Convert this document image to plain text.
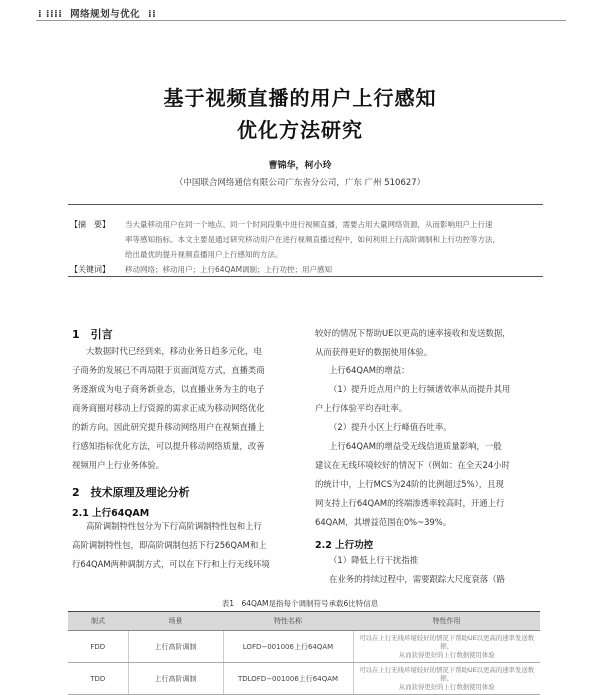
⁞ ⁞⁞⁞⁞ 网络规划与优化 ⁞⁞
基于视频直播的用户上行感知
优化方法研究
曹锦华，柯小玲
（中国联合网络通信有限公司广东省分公司，广东 广州 510627）
【摘　要】 当大量移动用户在同一个地点、同一个时间段集中进行视频直播，需要占用大量网络资源，从而影响用户上行速
率等感知指标。本文主要是通过研究移动用户在进行视频直播过程中，如何利用上行高阶调制和上行功控等方法，
给出最优的提升视频直播用户上行感知的方法。
【关键词】 移动网络；移动用户；上行64QAM调制；上行功控；用户感知
1　引言
大数据时代已经到来，移动业务日趋多元化，电
子商务的发展已不再局限于页面浏览方式，直播类商
务逐渐成为电子商务新业态，以直播业务为主的电子
商务商圈对移动上行资源的需求正成为移动网络优化
的新方向。因此研究提升移动网络用户在视频直播上
行感知指标优化方法，可以提升移动网络质量，改善
视频用户上行业务体验。
2　技术原理及理论分析
2.1 上行64QAM
高阶调制特性包分为下行高阶调制特性包和上行
高阶调制特性包，即高阶调制包括下行256QAM和上
行64QAM两种调制方式，可以在下行和上行无线环境
较好的情况下帮助UE以更高的速率接收和发送数据，
从而获得更好的数据使用体验。
上行64QAM的增益：
（1）提升近点用户的上行频谱效率从而提升其用
户上行体验平均吞吐率。
（2）提升小区上行峰值吞吐率。
上行64QAM的增益受无线信道质量影响，一般
建议在无线环境较好的情况下（例如：在全天24小时
的统计中，上行MCS为24阶的比例超过5%），且现
网支持上行64QAM的终端渗透率较高时，开通上行
64QAM，其增益范围在0%~39%。
2.2 上行功控
（1）降低上行干扰指推
在业务的持续过程中，需要跟踪大尺度衰落（路
表1　64QAM是指每个调制符号承载6比特信息
制式	场景	特性名称	特性作用
FDD	上行高阶调制	LOFD−001006上行64QAM	可以在上行无线环境较好的情况下帮助UE以更高的速率发送数据，
从而获得更好的上行数据使用体验
TDD	上行高阶调制	TDLOFD−001006上行64QAM	可以在上行无线环境较好的情况下帮助UE以更高的速率发送数据，
从而获得更好的上行数据使用体验
